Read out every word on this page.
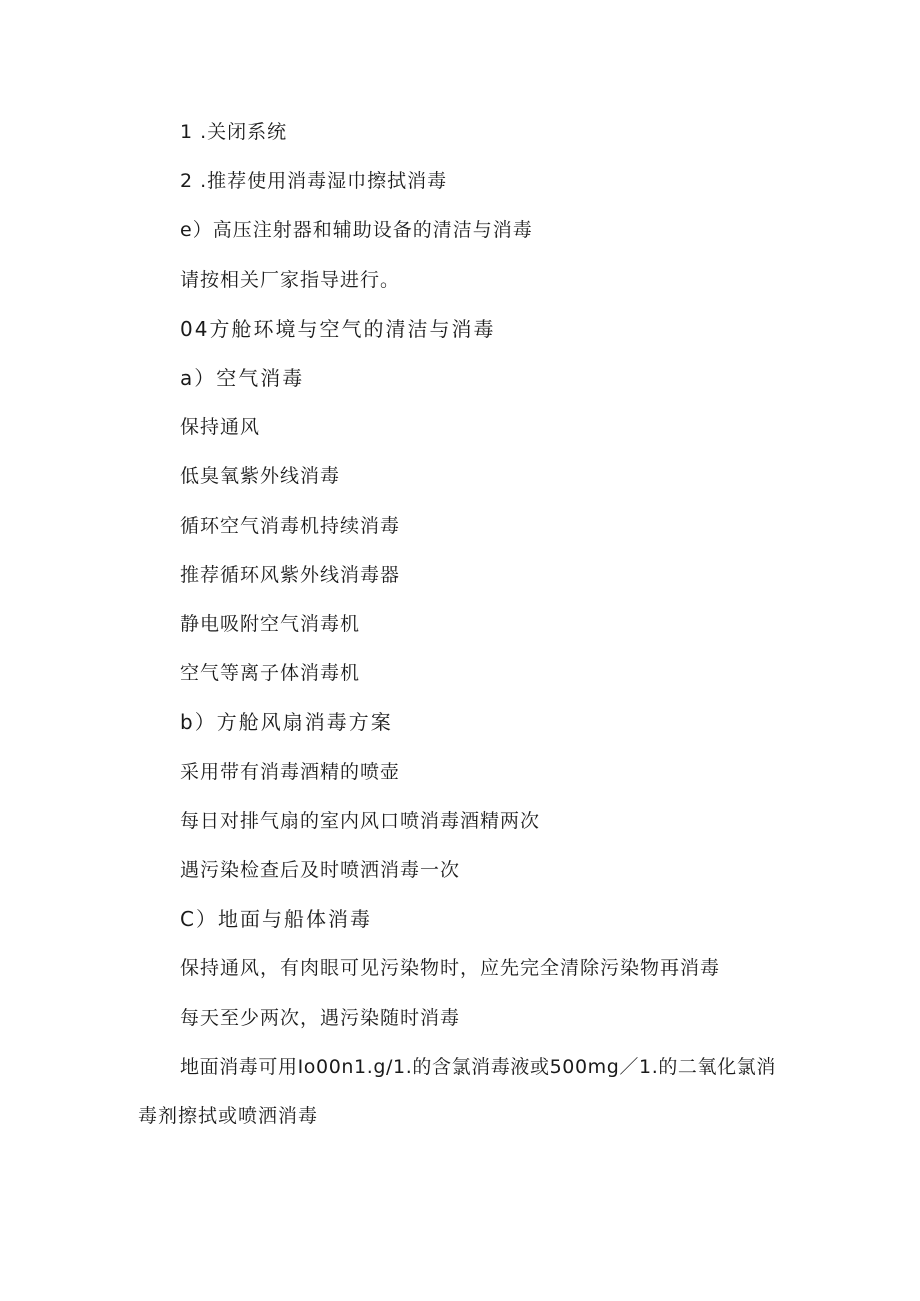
1 .关闭系统
2 .推荐使用消毒湿巾擦拭消毒
e）高压注射器和辅助设备的清洁与消毒
请按相关厂家指导进行。
04方舱环境与空气的清洁与消毒
a）空气消毒
保持通风
低臭氧紫外线消毒
循环空气消毒机持续消毒
推荐循环风紫外线消毒器
静电吸附空气消毒机
空气等离子体消毒机
b）方舱风扇消毒方案
采用带有消毒酒精的喷壶
每日对排气扇的室内风口喷消毒酒精两次
遇污染检查后及时喷洒消毒一次
C）地面与船体消毒
保持通风，有肉眼可见污染物时，应先完全清除污染物再消毒
每天至少两次，遇污染随时消毒
地面消毒可用Io00n1.g/1.的含氯消毒液或500mg／1.的二氧化氯消
毒剂擦拭或喷洒消毒
